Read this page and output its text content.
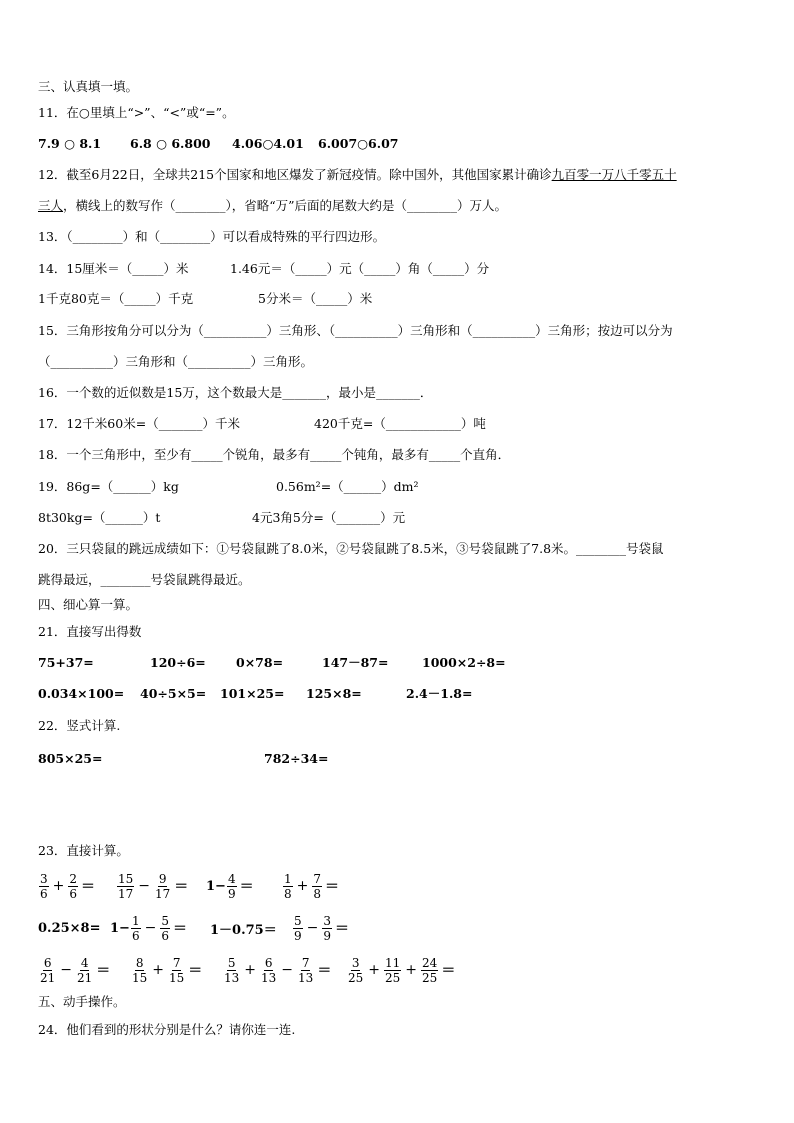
三、认真填一填。
11．在○里填上“>”、“<”或“=”。
7.9 ○ 8.1 6.8 ○ 6.800 4.06○4.01 6.007○6.07
12．截至6月22日，全球共215个国家和地区爆发了新冠疫情。除中国外，其他国家累计确诊九百零一万八千零五十
三人，横线上的数写作（________），省略“万”后面的尾数大约是（________）万人。
13．（________）和（________）可以看成特殊的平行四边形。
14．15厘米＝（_____）米	1.46元＝（_____）元（_____）角（_____）分
1千克80克＝（_____）千克	5分米＝（_____）米
15．三角形按角分可以分为（__________）三角形、（__________）三角形和（__________）三角形；按边可以分为
（__________）三角形和（__________）三角形。
16．一个数的近似数是15万，这个数最大是_______，最小是_______．
17．12千米60米=（_______）千米	420千克=（____________）吨
18．一个三角形中，至少有_____个锐角，最多有_____个钝角，最多有_____个直角．
19．86g=（______）kg	0.56m²=（______）dm²
8t30kg=（______）t	4元3角5分=（_______）元
20．三只袋鼠的跳远成绩如下：①号袋鼠跳了8.0米，②号袋鼠跳了8.5米，③号袋鼠跳了7.8米。________号袋鼠
跳得最远，________号袋鼠跳得最近。
四、细心算一算。
21．直接写出得数
75+37=	120÷6= 0×78=	147－87=	1000×2÷8=
0.034×100= 40÷5×5= 101×25= 125×8=	2.4－1.8=
22．竖式计算.
805×25=	782÷34=
23．直接计算。
$\frac{3}{6} + \frac{2}{6} = \frac{15}{17} - \frac{9}{17} = 1- \frac{4}{9} = \frac{1}{8} + \frac{7}{8}$ ＝
$0.25\times 8= 1- \frac{1}{6} - \frac{5}{6} = 1-0.75= \frac{5}{9} - \frac{3}{9}$ ＝
$\frac{6}{21} - \frac{4}{21} = \frac{8}{15} + \frac{7}{15} = \frac{5}{13} + \frac{6}{13} - \frac{7}{13} = \frac{3}{25} + \frac{11}{25} + \frac{24}{25}$ ＝
五、动手操作。
24．他们看到的形状分别是什么？请你连一连.
